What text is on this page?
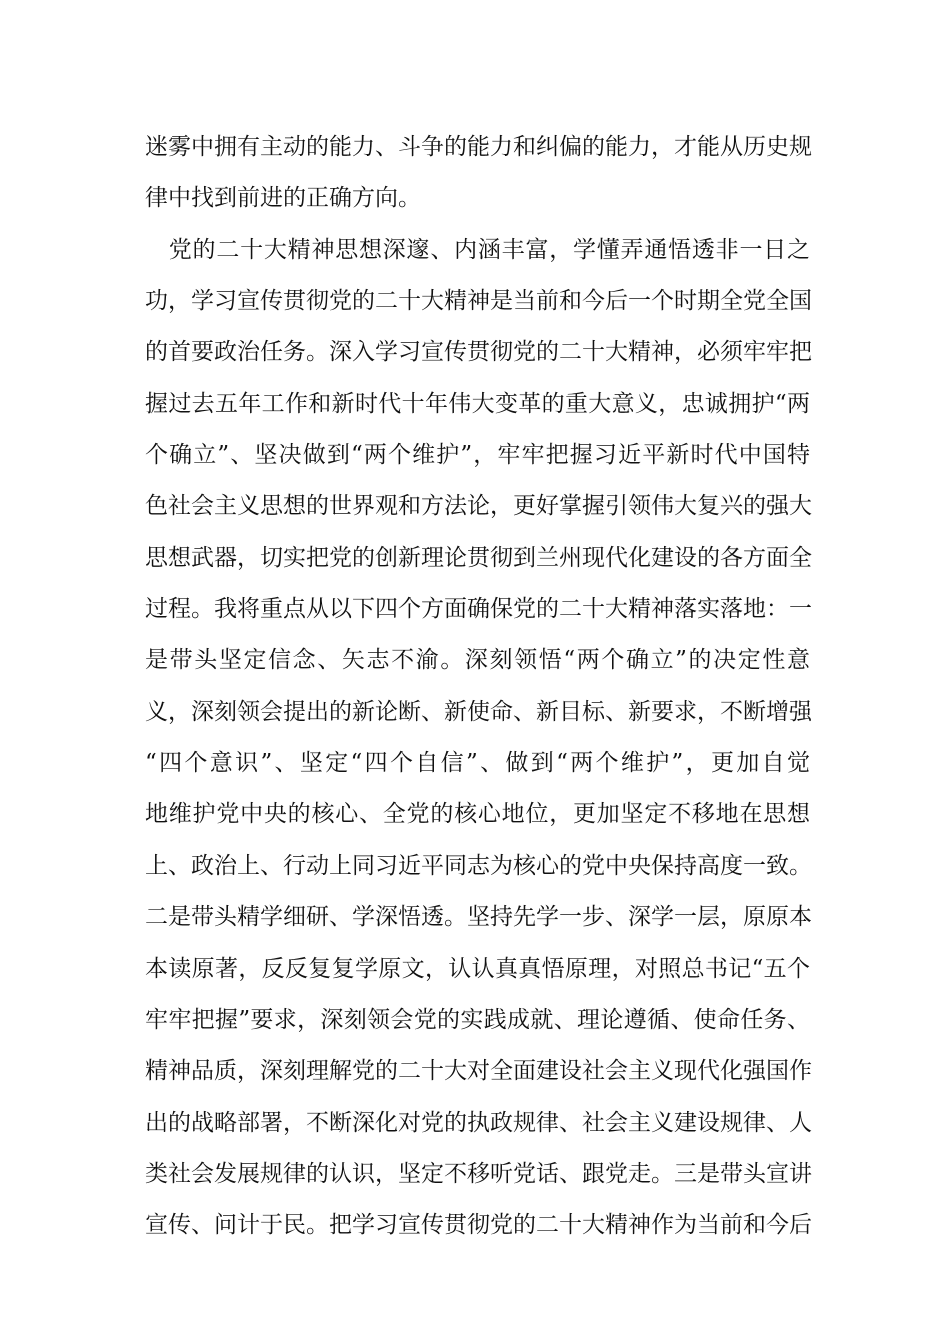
迷雾中拥有主动的能力、斗争的能力和纠偏的能力，才能从历史规
律中找到前进的正确方向。
　党的二十大精神思想深邃、内涵丰富，学懂弄通悟透非一日之
功，学习宣传贯彻党的二十大精神是当前和今后一个时期全党全国
的首要政治任务。深入学习宣传贯彻党的二十大精神，必须牢牢把
握过去五年工作和新时代十年伟大变革的重大意义，忠诚拥护“两
个确立”、坚决做到“两个维护”，牢牢把握习近平新时代中国特
色社会主义思想的世界观和方法论，更好掌握引领伟大复兴的强大
思想武器，切实把党的创新理论贯彻到兰州现代化建设的各方面全
过程。我将重点从以下四个方面确保党的二十大精神落实落地：一
是带头坚定信念、矢志不渝。深刻领悟“两个确立”的决定性意
义，深刻领会提出的新论断、新使命、新目标、新要求，不断增强
“四个意识”、坚定“四个自信”、做到“两个维护”，更加自觉
地维护党中央的核心、全党的核心地位，更加坚定不移地在思想
上、政治上、行动上同习近平同志为核心的党中央保持高度一致。
二是带头精学细研、学深悟透。坚持先学一步、深学一层，原原本
本读原著，反反复复学原文，认认真真悟原理，对照总书记“五个
牢牢把握”要求，深刻领会党的实践成就、理论遵循、使命任务、
精神品质，深刻理解党的二十大对全面建设社会主义现代化强国作
出的战略部署，不断深化对党的执政规律、社会主义建设规律、人
类社会发展规律的认识，坚定不移听党话、跟党走。三是带头宣讲
宣传、问计于民。把学习宣传贯彻党的二十大精神作为当前和今后
